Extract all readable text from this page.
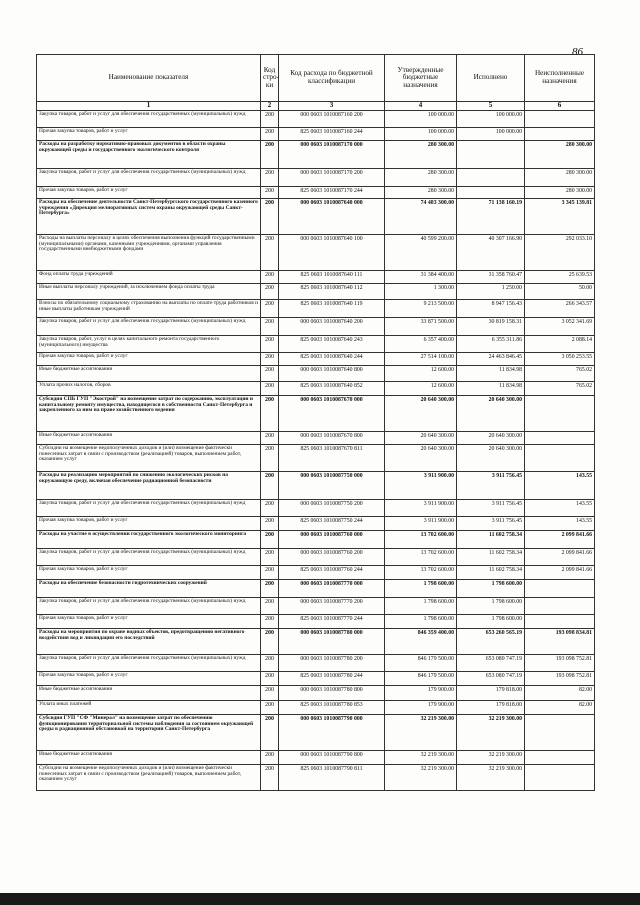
86
Наименование показателя	Код стро-ки	Код расхода по бюджетной классификации	Утвержденные бюджетные назначения	Исполнено	Неисполненные назначения
1	2	3	4	5	6
Закупка товаров, работ и услуг для обеспечения государственных (муниципальных) нужд	200	000 0603 1010087160 200	100 000.00	100 000.00	
Прочая закупка товаров, работ и услуг	200	825 0603 1010087160 244	100 000.00	100 000.00	
Расходы на разработку нормативно-правовых документов в области охраны окружающей среды и государственного экологического контроля	200	000 0603 1010087170 000	280 300.00		280 300.00
Закупка товаров, работ и услуг для обеспечения государственных (муниципальных) нужд	200	000 0603 1010087170 200	280 300.00		280 300.00
Прочая закупка товаров, работ и услуг	200	825 0603 1010087170 244	280 300.00		280 300.00
Расходы на обеспечение деятельности Санкт-Петербургского государственного казенного учреждения «Дирекция мелиоративных систем охраны окружающей среды Санкт-Петербурга»	200	000 0603 1010087640 000	74 483 300.00	71 138 160.19	3 345 139.81
Расходы на выплаты персоналу в целях обеспечения выполнения функций государственными (муниципальными) органами, казенными учреждениями, органами управления государственными внебюджетными фондами	200	000 0603 1010087640 100	40 599 200.00	40 307 166.90	292 033.10
Фонд оплаты труда учреждений	200	825 0603 1010087640 111	31 384 400.00	31 358 760.47	25 639.53
Иные выплаты персоналу учреждений, за исключением фонда оплаты труда	200	825 0603 1010087640 112	1 300.00	1 250.00	50.00
Взносы по обязательному социальному страхованию на выплаты по оплате труда работников и иные выплаты работникам учреждений	200	825 0603 1010087640 119	9 213 500.00	8 947 156.43	266 343.57
Закупка товаров, работ и услуг для обеспечения государственных (муниципальных) нужд	200	000 0603 1010087640 200	33 871 500.00	30 819 158.31	3 052 341.69
Закупка товаров, работ, услуг в целях капитального ремонта государственного (муниципального) имущества	200	825 0603 1010087640 243	6 357 400.00	6 355 311.86	2 088.14
Прочая закупка товаров, работ и услуг	200	825 0603 1010087640 244	27 514 100.00	24 463 846.45	3 050 253.55
Иные бюджетные ассигнования	200	000 0603 1010087640 800	12 600.00	11 834.98	765.02
Уплата прочих налогов, сборов	200	825 0603 1010087640 852	12 600.00	11 834.98	765.02
Субсидия СПБ ГУП "Экострой" на возмещение затрат по содержанию, эксплуатации и капитальному ремонту имущества, находящегося в собственности Санкт-Петербурга и закрепленного за ним на праве хозяйственного ведения	200	000 0603 1010087670 000	20 640 300.00	20 640 300.00	
Иные бюджетные ассигнования	200	000 0603 1010087670 800	20 640 300.00	20 640 300.00	
Субсидии на возмещение недополученных доходов и (или) возмещение фактически понесенных затрат в связи с производством (реализацией) товаров, выполнением работ, оказанием услуг	200	825 0603 1010087670 811	20 640 300.00	20 640 300.00	
Расходы на реализацию мероприятий по снижению экологических рисков на окружающую среду, включая обеспечение радиационной безопасности	200	000 0603 1010087750 000	3 911 900.00	3 911 756.45	143.55
Закупка товаров, работ и услуг для обеспечения государственных (муниципальных) нужд	200	000 0603 1010087750 200	3 911 900.00	3 911 756.45	143.55
Прочая закупка товаров, работ и услуг	200	825 0603 1010087750 244	3 911 900.00	3 911 756.45	143.55
Расходы на участие в осуществлении государственного экологического мониторинга	200	000 0603 1010087760 000	13 702 600.00	11 602 758.34	2 099 841.66
Закупка товаров, работ и услуг для обеспечения государственных (муниципальных) нужд	200	000 0603 1010087760 200	13 702 600.00	11 602 758.34	2 099 841.66
Прочая закупка товаров, работ и услуг	200	825 0603 1010087760 244	13 702 600.00	11 602 758.34	2 099 841.66
Расходы на обеспечение безопасности гидротехнических сооружений	200	000 0603 1010087770 000	1 798 600.00	1 798 600.00	
Закупка товаров, работ и услуг для обеспечения государственных (муниципальных) нужд	200	000 0603 1010087770 200	1 798 600.00	1 798 600.00	
Прочая закупка товаров, работ и услуг	200	825 0603 1010087770 244	1 798 600.00	1 798 600.00	
Расходы на мероприятия по охране водных объектов, предотвращению негативного воздействия вод и ликвидации его последствий	200	000 0603 1010087780 000	846 359 400.00	653 260 565.19	193 098 834.81
Закупка товаров, работ и услуг для обеспечения государственных (муниципальных) нужд	200	000 0603 1010087780 200	846 179 500.00	653 080 747.19	193 098 752.81
Прочая закупка товаров, работ и услуг	200	825 0603 1010087780 244	846 179 500.00	653 080 747.19	193 098 752.81
Иные бюджетные ассигнования	200	000 0603 1010087780 800	179 900.00	179 818.00	82.00
Уплата иных платежей	200	825 0603 1010087780 853	179 900.00	179 818.00	82.00
Субсидия ГУП "СФ "Минерал" на возмещение затрат по обеспечению функционирования территориальной системы наблюдения за состоянием окружающей среды в радиационной обстановкой на территории Санкт-Петербурга	200	000 0603 1010087790 000	32 219 300.00	32 219 300.00	
Иные бюджетные ассигнования	200	000 0603 1010087790 800	32 219 300.00	32 219 300.00	
Субсидии на возмещение недополученных доходов и (или) возмещение фактически понесенных затрат в связи с производством (реализацией) товаров, выполнением работ, оказанием услуг	200	825 0603 1010087790 811	32 219 300.00	32 219 300.00	
